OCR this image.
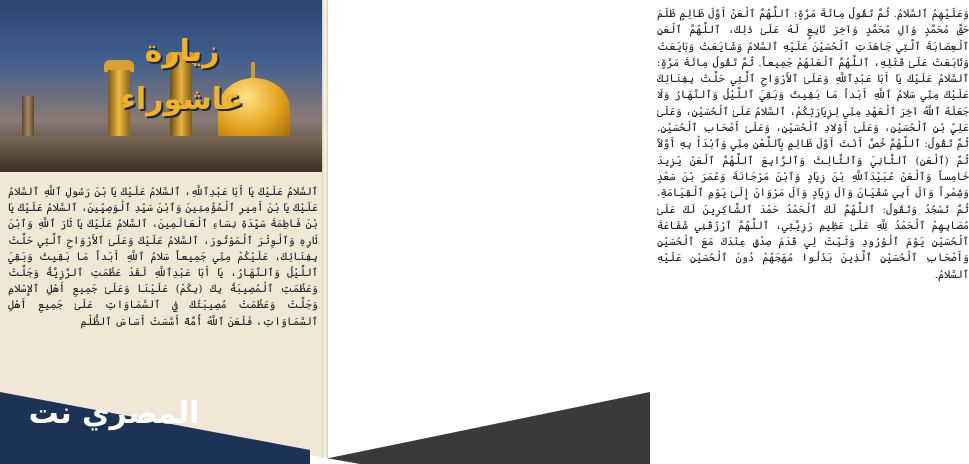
زيارة عاشوراء
ٱلسَّلامُ عَلَيْكَ يَا أَبَا عَبْدِٱللَّهِ، ٱلسَّلامُ عَلَيْكَ يَا بْنَ رَسُولِ ٱللَّهِ ٱلسَّلامُ عَلَيْكَ يَا بْنَ أَمِيرِ ٱلْمُؤْمِنِينَ وَٱبْنَ سَيِّدِ ٱلْوَصِيِّينَ، ٱلسَّلامُ عَلَيْكَ يَا بْنَ فَاطِمَةَ سَيِّدَةِ نِسَاءِ ٱلْعَالَمِينَ، ٱلسَّلامُ عَلَيْكَ يَا ثَارَ ٱللَّهِ وَٱبْنَ ثَارِهِ وَٱلْوِتْرَ ٱلْمَوْتُورَ، ٱلسَّلامُ عَلَيْكَ وَعَلَىٰ ٱلأَرْوَاحِ ٱلَّتِي حَلَّتْ بِفِنَائِكَ، عَلَيْكُمْ مِنِّي جَمِيعاً سَلامُ ٱللَّهِ أَبَداً مَا بَقِيتُ وَبَقِيَ ٱللَّيْلُ وَٱلنَّهَارُ، يَا أَبَا عَبْدِٱللَّهِ لَقَدْ عَظُمَتِ ٱلرَّزِيَّةُ وَجَلَّتْ وَعَظُمَتِ ٱلْمُصِيبَةُ بِكَ (بِكُمْ) عَلَيْنَا وَعَلَىٰ جَمِيعِ أَهْلِ ٱلإِسْلامِ وَجَلَّتْ وَعَظُمَتْ مُصِيبَتُكَ فِي ٱلسَّمَاوَاتِ عَلَىٰ جَمِيعِ أَهْلِ ٱلسَّمَاوَاتِ، فَلَعَنَ ٱللَّهُ أُمَّةً أَسَّسَتْ أَسَاسَ ٱلظُّلْمِ
وَعَلَيْهِمُ ٱلسَّلامُ. ثُمَّ تَقُولُ مِائَةَ مَرَّةٍ: ٱللَّهُمَّ ٱلْعَنْ أَوَّلَ ظَالِمٍ ظَلَمَ حَقَّ مُحَمَّدٍ وَآلِ مُحَمَّدٍ وَآخِرَ تَابِعٍ لَهُ عَلَىٰ ذٰلِكَ، ٱللَّهُمَّ ٱلْعَنِ ٱلْعِصَابَةَ ٱلَّتِي جَاهَدَتِ ٱلْحُسَيْنَ عَلَيْهِ ٱلسَّلامُ وَشَايَعَتْ وَبَايَعَتْ وَتَابَعَتْ عَلَىٰ قَتْلِهِ، ٱللَّهُمَّ ٱلْعَنْهُمْ جَمِيعاً. ثُمَّ تَقُولُ مِائَةَ مَرَّةٍ: ٱلسَّلامُ عَلَيْكَ يَا أَبَا عَبْدِٱللَّهِ وَعَلَىٰ ٱلأَرْوَاحِ ٱلَّتِي حَلَّتْ بِفِنَائِكَ عَلَيْكَ مِنِّي سَلامُ ٱللَّهِ أَبَداً مَا بَقِيتُ وَبَقِيَ ٱللَّيْلُ وَٱلنَّهَارُ وَلَا جَعَلَهُ ٱللَّهُ آخِرَ ٱلْعَهْدِ مِنِّي لِزِيَارَتِكُمْ، ٱلسَّلامُ عَلَىٰ ٱلْحُسَيْنِ، وَعَلَىٰ عَلِيِّ بْنِ ٱلْحُسَيْنِ، وَعَلَىٰ أَوْلادِ ٱلْحُسَيْنِ، وَعَلَىٰ أَصْحَابِ ٱلْحُسَيْنِ. ثُمَّ تَقُولُ: ٱللَّهُمَّ خُصَّ أَنْتَ أَوَّلَ ظَالِمٍ بِٱللَّعْنِ مِنِّي وَٱبْدَأْ بِهِ أَوَّلاً ثُمَّ (ٱلْعَنِ) ٱلثَّانِيَ وَٱلثَّالِثَ وَٱلرَّابِعَ ٱللَّهُمَّ ٱلْعَنْ يَزِيدَ خَامِساً وَٱلْعَنْ عُبَيْدَٱللَّهِ بْنَ زِيَادٍ وَٱبْنَ مَرْجَانَةَ وَعُمَرَ بْنَ سَعْدٍ وَشِمْراً وَآلَ أَبِي سُفْيَانَ وَآلَ زِيَادٍ وَآلَ مَرْوَانَ إِلَىٰ يَوْمِ ٱلْقِيَامَةِ. ثُمَّ تَسْجُدُ وَتَقُولُ: ٱللَّهُمَّ لَكَ ٱلْحَمْدُ حَمْدَ ٱلشَّاكِرِينَ لَكَ عَلَىٰ مُصَابِهِمْ ٱلْحَمْدُ لِلَّهِ عَلَىٰ عَظِيمِ رَزِيَّتِي، ٱللَّهُمَّ ٱرْزُقْنِي شَفَاعَةَ ٱلْحُسَيْنِ يَوْمَ ٱلْوُرُودِ وَثَبِّتْ لِي قَدَمَ صِدْقٍ عِنْدَكَ مَعَ ٱلْحُسَيْنِ وَأَصْحَابِ ٱلْحُسَيْنِ ٱلَّذِينَ بَذَلُوا مُهَجَهُمْ دُونَ ٱلْحُسَيْنِ عَلَيْهِ ٱلسَّلامُ.
المصري نت
